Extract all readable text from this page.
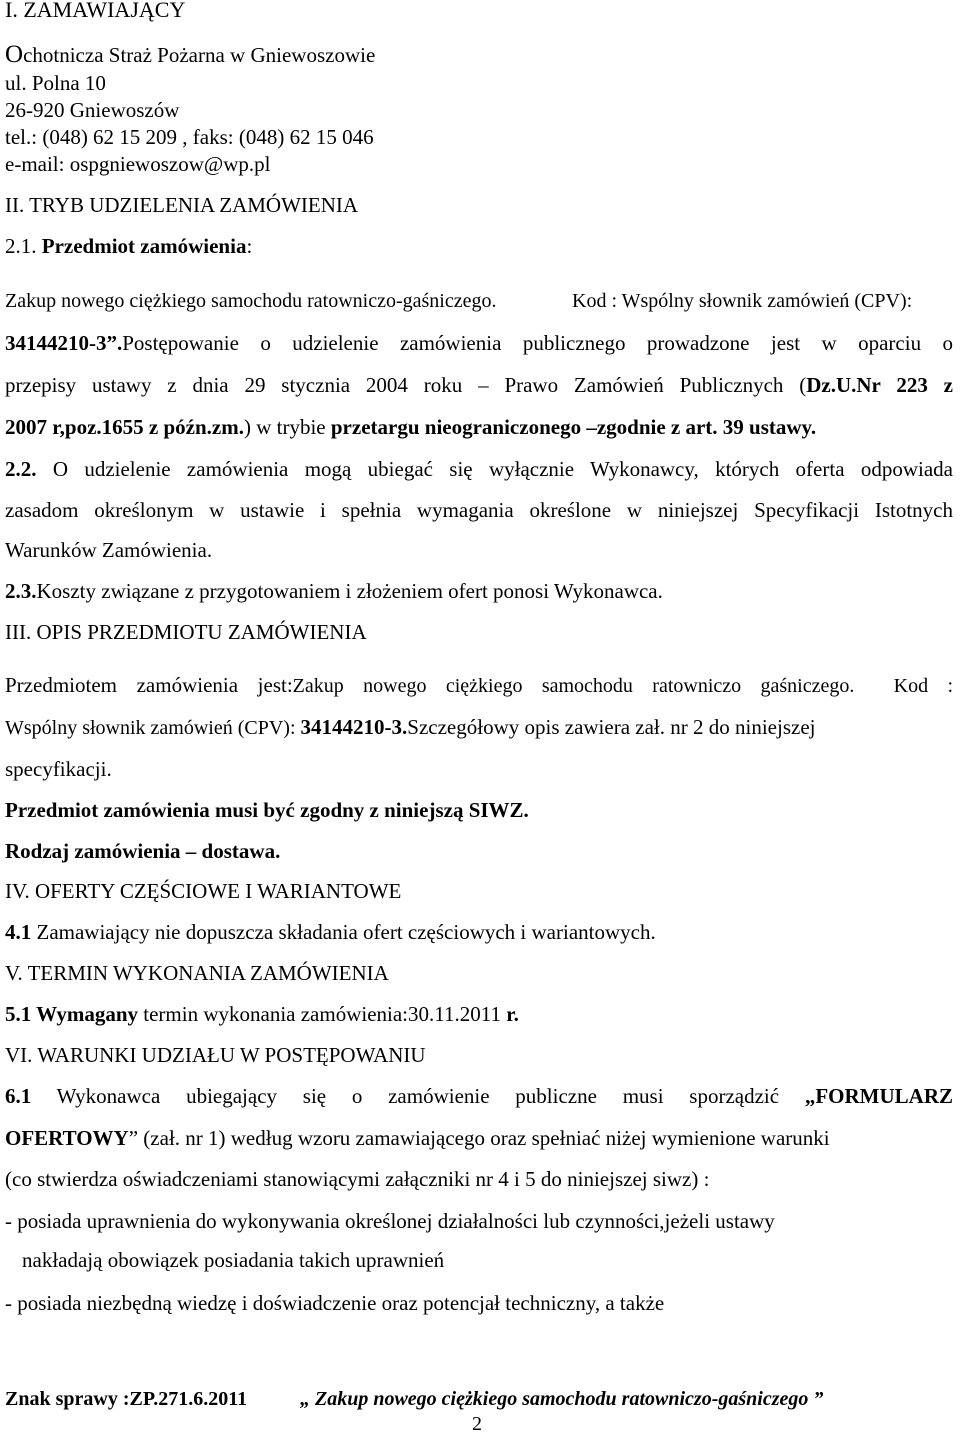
I. ZAMAWIAJĄCY
Ochotnicza Straż Pożarna w Gniewoszowie
ul. Polna 10
26-920 Gniewoszów
tel.: (048) 62 15 209 , faks: (048) 62 15 046
e-mail: ospgniewoszow@wp.pl
II. TRYB UDZIELENIA ZAMÓWIENIA
2.1. Przedmiot zamówienia:
Zakup nowego ciężkiego samochodu ratowniczo-gaśniczego.	Kod : Wspólny słownik zamówień (CPV):
34144210-3”.Postępowanie o udzielenie zamówienia publicznego prowadzone jest w oparciu o
przepisy ustawy z dnia 29 stycznia 2004 roku – Prawo Zamówień Publicznych (Dz.U.Nr 223 z
2007 r,poz.1655 z późn.zm.) w trybie przetargu nieograniczonego –zgodnie z art. 39 ustawy.
2.2. O udzielenie zamówienia mogą ubiegać się wyłącznie Wykonawcy, których oferta odpowiada
zasadom określonym w ustawie i spełnia wymagania określone w niniejszej Specyfikacji Istotnych
Warunków Zamówienia.
2.3.Koszty związane z przygotowaniem i złożeniem ofert ponosi Wykonawca.
III. OPIS PRZEDMIOTU ZAMÓWIENIA
Przedmiotem zamówienia jest:Zakup nowego ciężkiego samochodu ratowniczo gaśniczego. Kod :
Wspólny słownik zamówień (CPV): 34144210-3.Szczegółowy opis zawiera zał. nr 2 do niniejszej
specyfikacji.
Przedmiot zamówienia musi być zgodny z niniejszą SIWZ.
Rodzaj zamówienia – dostawa.
IV. OFERTY CZĘŚCIOWE I WARIANTOWE
4.1 Zamawiający nie dopuszcza składania ofert częściowych i wariantowych.
V. TERMIN WYKONANIA ZAMÓWIENIA
5.1 Wymagany termin wykonania zamówienia:30.11.2011 r.
VI. WARUNKI UDZIAŁU W POSTĘPOWANIU
6.1 Wykonawca ubiegający się o zamówienie publiczne musi sporządzić „FORMULARZ
OFERTOWY” (zał. nr 1) według wzoru zamawiającego oraz spełniać niżej wymienione warunki
(co stwierdza oświadczeniami stanowiącymi załączniki nr 4 i 5 do niniejszej siwz) :
- posiada uprawnienia do wykonywania określonej działalności lub czynności,jeżeli ustawy
nakładają obowiązek posiadania takich uprawnień
- posiada niezbędną wiedzę i doświadczenie oraz potencjał techniczny, a także
Znak sprawy :ZP.271.6.2011	„ Zakup nowego ciężkiego samochodu ratowniczo-gaśniczego ”
2
